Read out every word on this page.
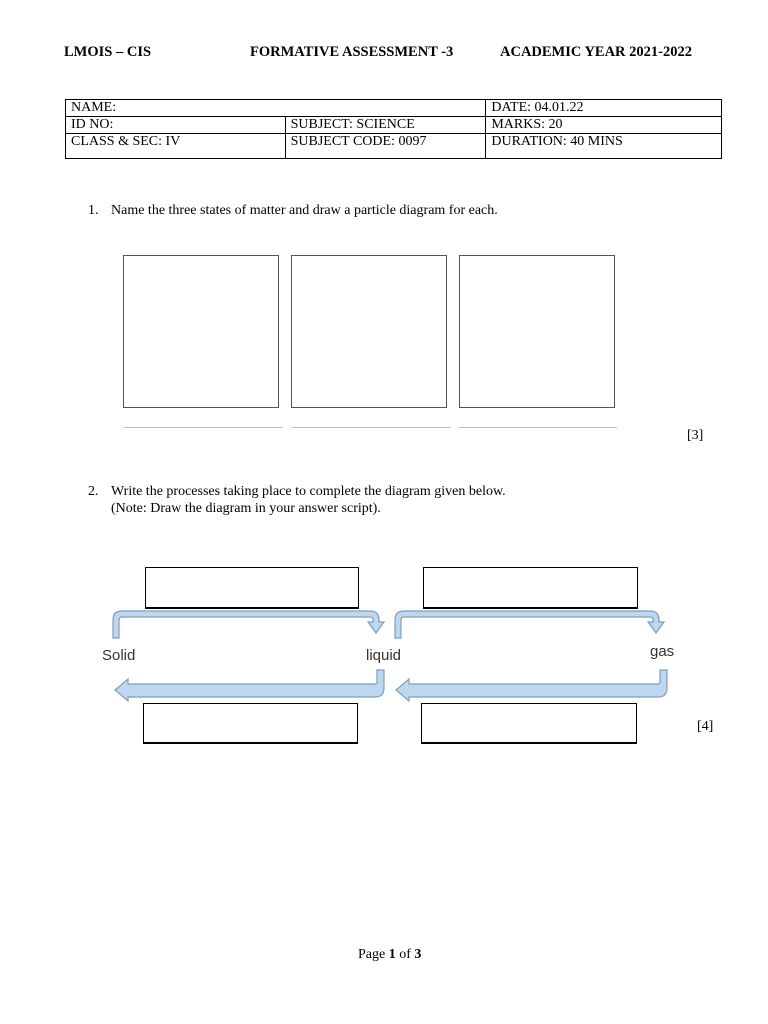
LMOIS – CIS	FORMATIVE ASSESSMENT -3	ACADEMIC YEAR 2021-2022
NAME:		DATE: 04.01.22
ID NO:	SUBJECT: SCIENCE	MARKS: 20
CLASS & SEC: IV	SUBJECT CODE: 0097	DURATION: 40 MINS
1. Name the three states of matter and draw a particle diagram for each.
[3]
2. Write the processes taking place to complete the diagram given below.
(Note: Draw the diagram in your answer script).
Solid	liquid	gas
[4]
Page 1 of 3
